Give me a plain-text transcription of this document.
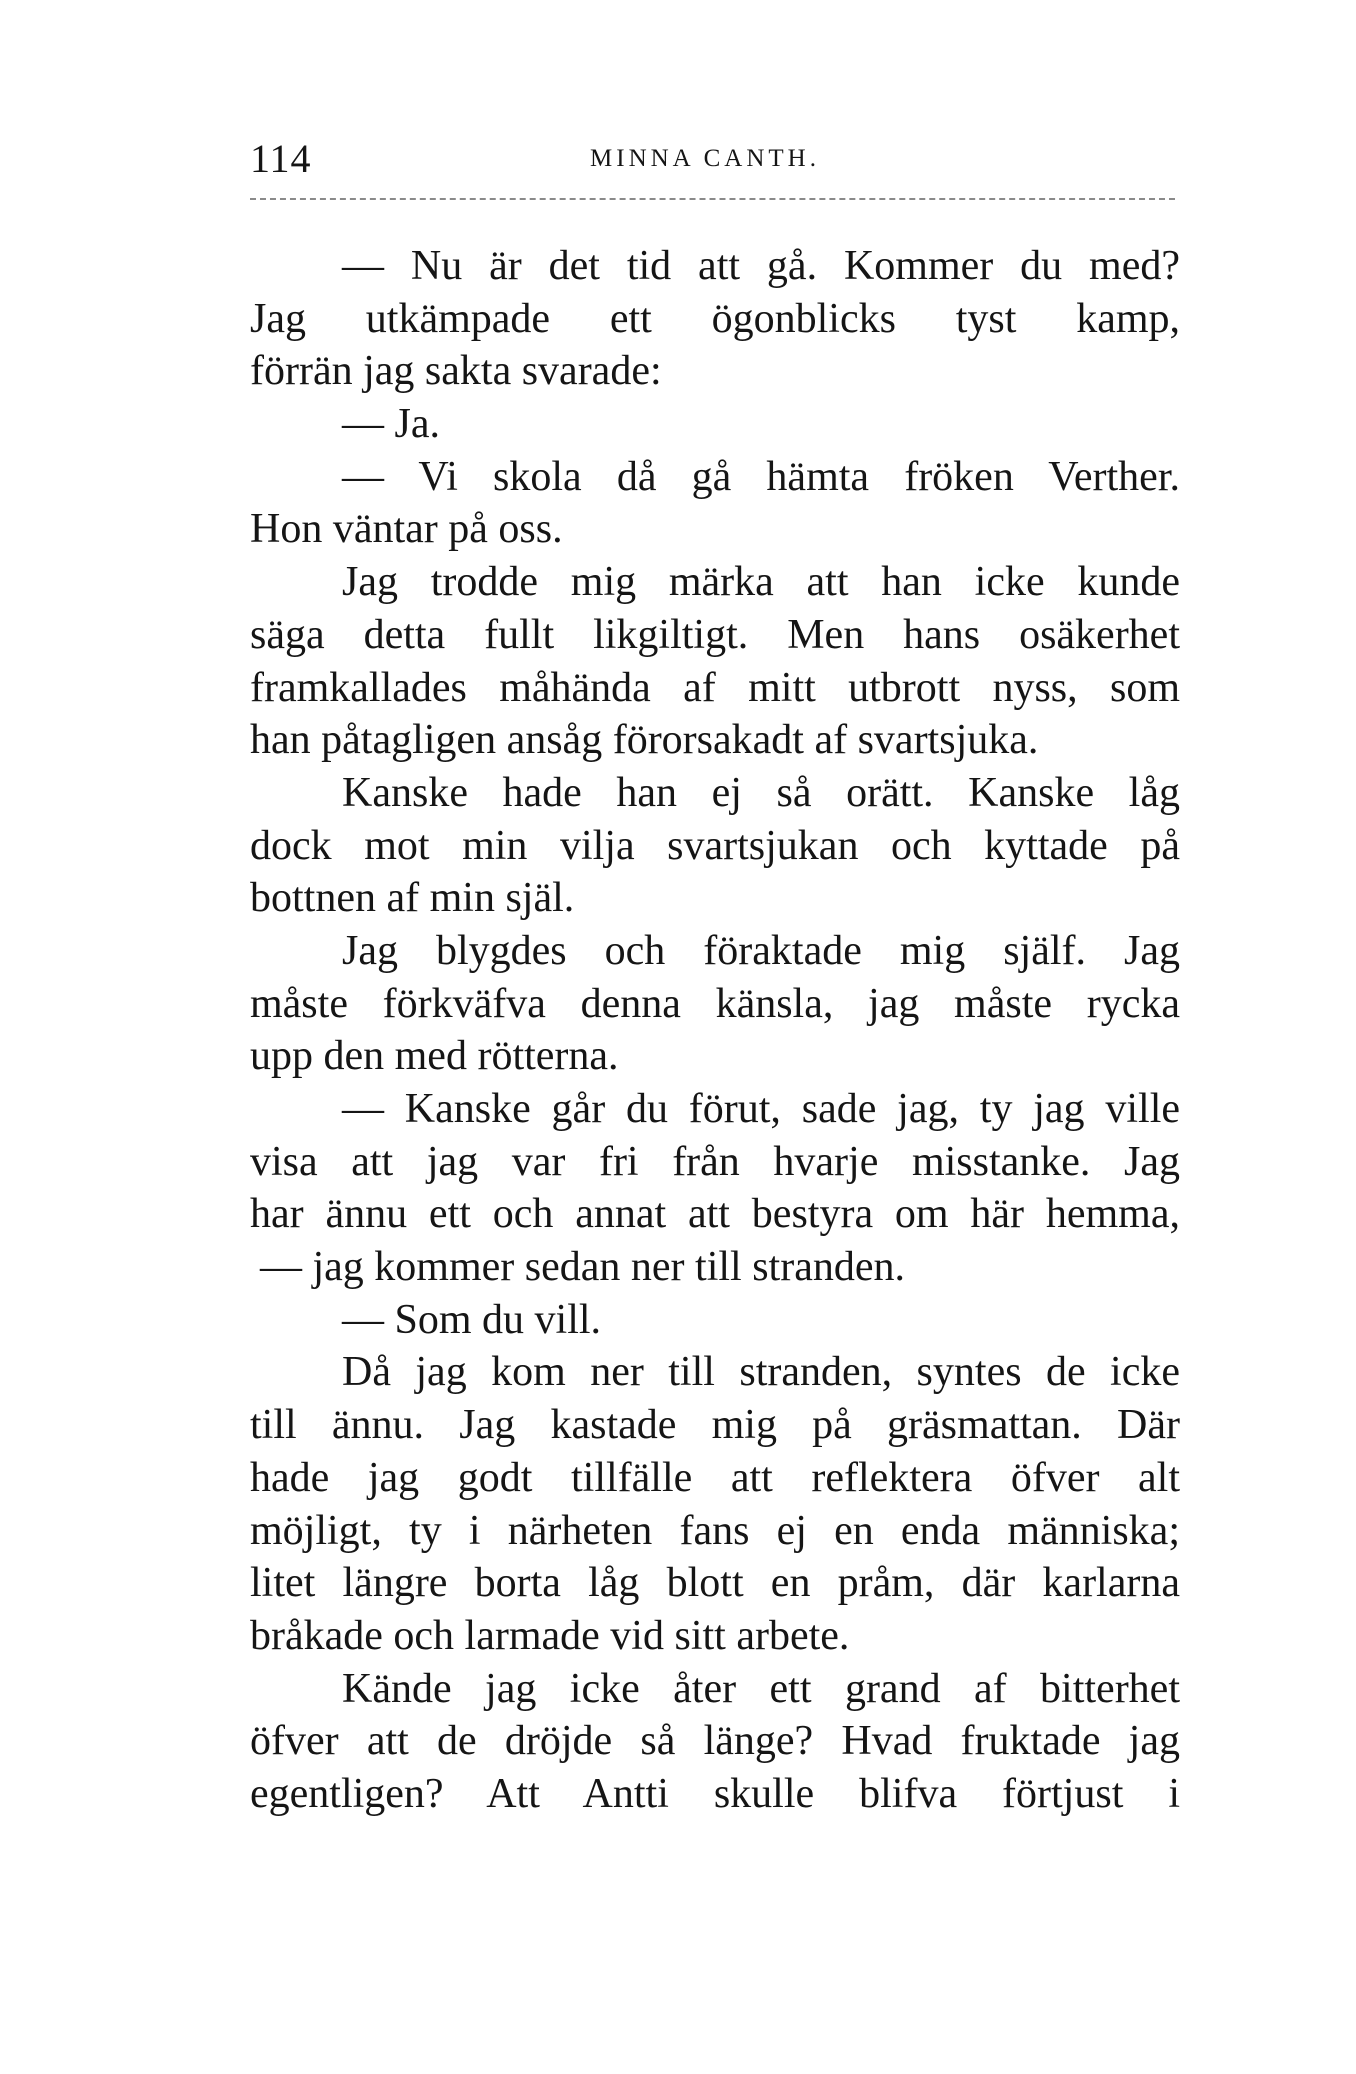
114	MINNA CANTH.
— Nu är det tid att gå. Kommer du med?
Jag utkämpade ett ögonblicks tyst kamp,
förrän jag sakta svarade:
— Ja.
— Vi skola då gå hämta fröken Verther.
Hon väntar på oss.
Jag trodde mig märka att han icke kunde
säga detta fullt likgiltigt. Men hans osäkerhet
framkallades måhända af mitt utbrott nyss, som
han påtagligen ansåg förorsakadt af svartsjuka.
Kanske hade han ej så orätt. Kanske låg
dock mot min vilja svartsjukan och kyttade på
bottnen af min själ.
Jag blygdes och föraktade mig själf. Jag
måste förkväfva denna känsla, jag måste rycka
upp den med rötterna.
— Kanske går du förut, sade jag, ty jag ville
visa att jag var fri från hvarje misstanke. Jag
har ännu ett och annat att bestyra om här hemma,
— jag kommer sedan ner till stranden.
— Som du vill.
Då jag kom ner till stranden, syntes de icke
till ännu. Jag kastade mig på gräsmattan. Där
hade jag godt tillfälle att reflektera öfver alt
möjligt, ty i närheten fans ej en enda människa;
litet längre borta låg blott en pråm, där karlarna
bråkade och larmade vid sitt arbete.
Kände jag icke åter ett grand af bitterhet
öfver att de dröjde så länge? Hvad fruktade jag
egentligen? Att Antti skulle blifva förtjust i
